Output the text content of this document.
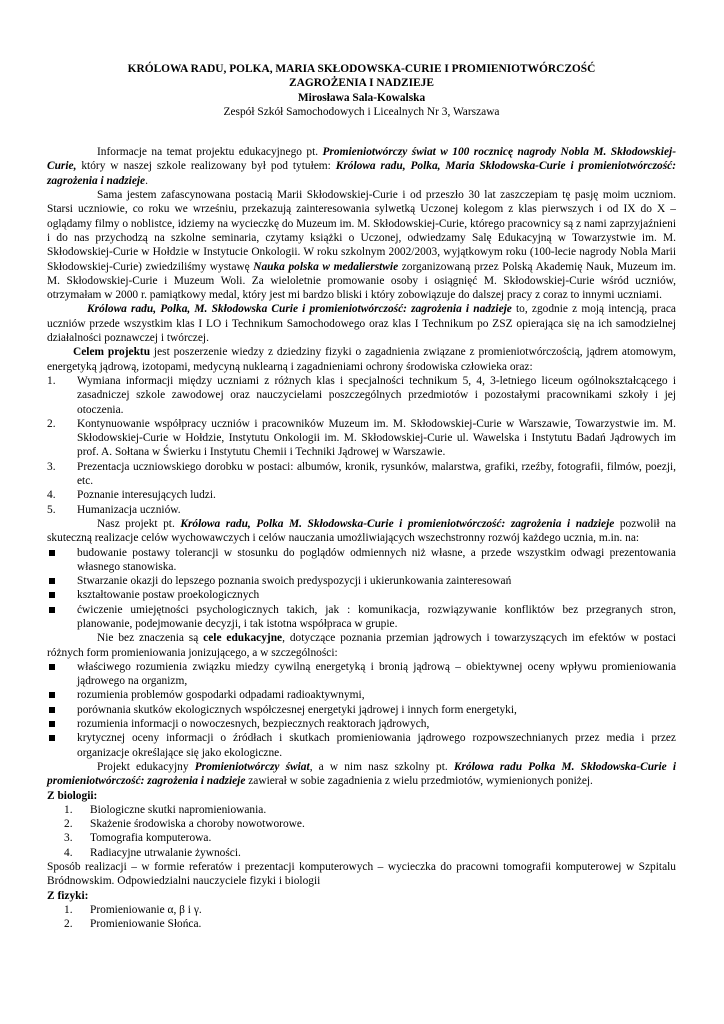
KRÓLOWA RADU, POLKA, MARIA SKŁODOWSKA-CURIE I PROMIENIOTWÓRCZOŚĆ
ZAGROŻENIA I NADZIEJE
Mirosława Sala-Kowalska
Zespół Szkół Samochodowych i Licealnych Nr 3, Warszawa

Informacje na temat projektu edukacyjnego pt. Promieniotwórczy świat w 100 rocznicę nagrody Nobla M. Skłodowskiej-Curie, który w naszej szkole realizowany był pod tytułem: Królowa radu, Polka, Maria Skłodowska-Curie i promieniotwórczość: zagrożenia i nadzieje.

Sama jestem zafascynowana postacią Marii Skłodowskiej-Curie i od przeszło 30 lat zaszczepiam tę pasję moim uczniom. Starsi uczniowie, co roku we wrześniu, przekazują zainteresowania sylwetką Uczonej kolegom z klas pierwszych i od IX do X – oglądamy filmy o noblistce, idziemy na wycieczkę do Muzeum im. M. Skłodowskiej-Curie, którego pracownicy są z nami zaprzyjaźnieni i do nas przychodzą na szkolne seminaria, czytamy książki o Uczonej, odwiedzamy Salę Edukacyjną w Towarzystwie im. M. Skłodowskiej-Curie w Hołdzie w Instytucie Onkologii. W roku szkolnym 2002/2003, wyjątkowym roku (100-lecie nagrody Nobla Marii Skłodowskiej-Curie) zwiedziliśmy wystawę Nauka polska w medalierstwie zorganizowaną przez Polską Akademię Nauk, Muzeum im. M. Skłodowskiej-Curie i Muzeum Woli. Za wieloletnie promowanie osoby i osiągnięć M. Skłodowskiej-Curie wśród uczniów, otrzymałam w 2000 r. pamiątkowy medal, który jest mi bardzo bliski i który zobowiązuje do dalszej pracy z coraz to innymi uczniami.

Królowa radu, Polka, M. Skłodowska Curie i promieniotwórczość: zagrożenia i nadzieje to, zgodnie z moją intencją, praca uczniów przede wszystkim klas I LO i Technikum Samochodowego oraz klas I Technikum po ZSZ opierająca się na ich samodzielnej działalności poznawczej i twórczej.

Celem projektu jest poszerzenie wiedzy z dziedziny fizyki o zagadnienia związane z promieniotwórczością, jądrem atomowym, energetyką jądrową, izotopami, medycyną nuklearną i zagadnieniami ochrony środowiska człowieka oraz:

1. Wymiana informacji między uczniami z różnych klas i specjalności technikum 5, 4, 3-letniego liceum ogólnokształcącego i zasadniczej szkole zawodowej oraz nauczycielami poszczególnych przedmiotów i pozostałymi pracownikami szkoły i jej otoczenia.
2. Kontynuowanie współpracy uczniów i pracowników Muzeum im. M. Skłodowskiej-Curie w Warszawie, Towarzystwie im. M. Skłodowskiej-Curie w Hołdzie, Instytutu Onkologii im. M. Skłodowskiej-Curie ul. Wawelska i Instytutu Badań Jądrowych im prof. A. Sołtana w Świerku i Instytutu Chemii i Techniki Jądrowej w Warszawie.
3. Prezentacja uczniowskiego dorobku w postaci: albumów, kronik, rysunków, malarstwa, grafiki, rzeźby, fotografii, filmów, poezji, etc.
4. Poznanie interesujących ludzi.
5. Humanizacja uczniów.

Nasz projekt pt. Królowa radu, Polka M. Skłodowska-Curie i promieniotwórczość: zagrożenia i nadzieje pozwolił na skuteczną realizacje celów wychowawczych i celów nauczania umożliwiających wszechstronny rozwój każdego ucznia, m.in. na:

budowanie postawy tolerancji w stosunku do poglądów odmiennych niż własne, a przede wszystkim odwagi prezentowania własnego stanowiska.
Stwarzanie okazji do lepszego poznania swoich predyspozycji i ukierunkowania zainteresowań
kształtowanie postaw proekologicznych
ćwiczenie umiejętności psychologicznych takich, jak : komunikacja, rozwiązywanie konfliktów bez przegranych stron, planowanie, podejmowanie decyzji, i tak istotna współpraca w grupie.

Nie bez znaczenia są cele edukacyjne, dotyczące poznania przemian jądrowych i towarzyszących im efektów w postaci różnych form promieniowania jonizującego, a w szczególności:

właściwego rozumienia związku miedzy cywilną energetyką i bronią jądrową – obiektywnej oceny wpływu promieniowania jądrowego na organizm,
rozumienia problemów gospodarki odpadami radioaktywnymi,
porównania skutków ekologicznych współczesnej energetyki jądrowej i innych form energetyki,
rozumienia informacji o nowoczesnych, bezpiecznych reaktorach jądrowych,
krytycznej oceny informacji o źródłach i skutkach promieniowania jądrowego rozpowszechnianych przez media i przez organizacje określające się jako ekologiczne.

Projekt edukacyjny Promieniotwórczy świat, a w nim nasz szkolny pt. Królowa radu Polka M. Skłodowska-Curie i promieniotwórczość: zagrożenia i nadzieje zawierał w sobie zagadnienia z wielu przedmiotów, wymienionych poniżej.

Z biologii:
1. Biologiczne skutki napromieniowania.
2. Skażenie środowiska a choroby nowotworowe.
3. Tomografia komputerowa.
4. Radiacyjne utrwalanie żywności.

Sposób realizacji – w formie referatów i prezentacji komputerowych – wycieczka do pracowni tomografii komputerowej w Szpitalu Bródnowskim. Odpowiedzialni nauczyciele fizyki i biologii

Z fizyki:
1. Promieniowanie α, β i γ.
2. Promieniowanie Słońca.
